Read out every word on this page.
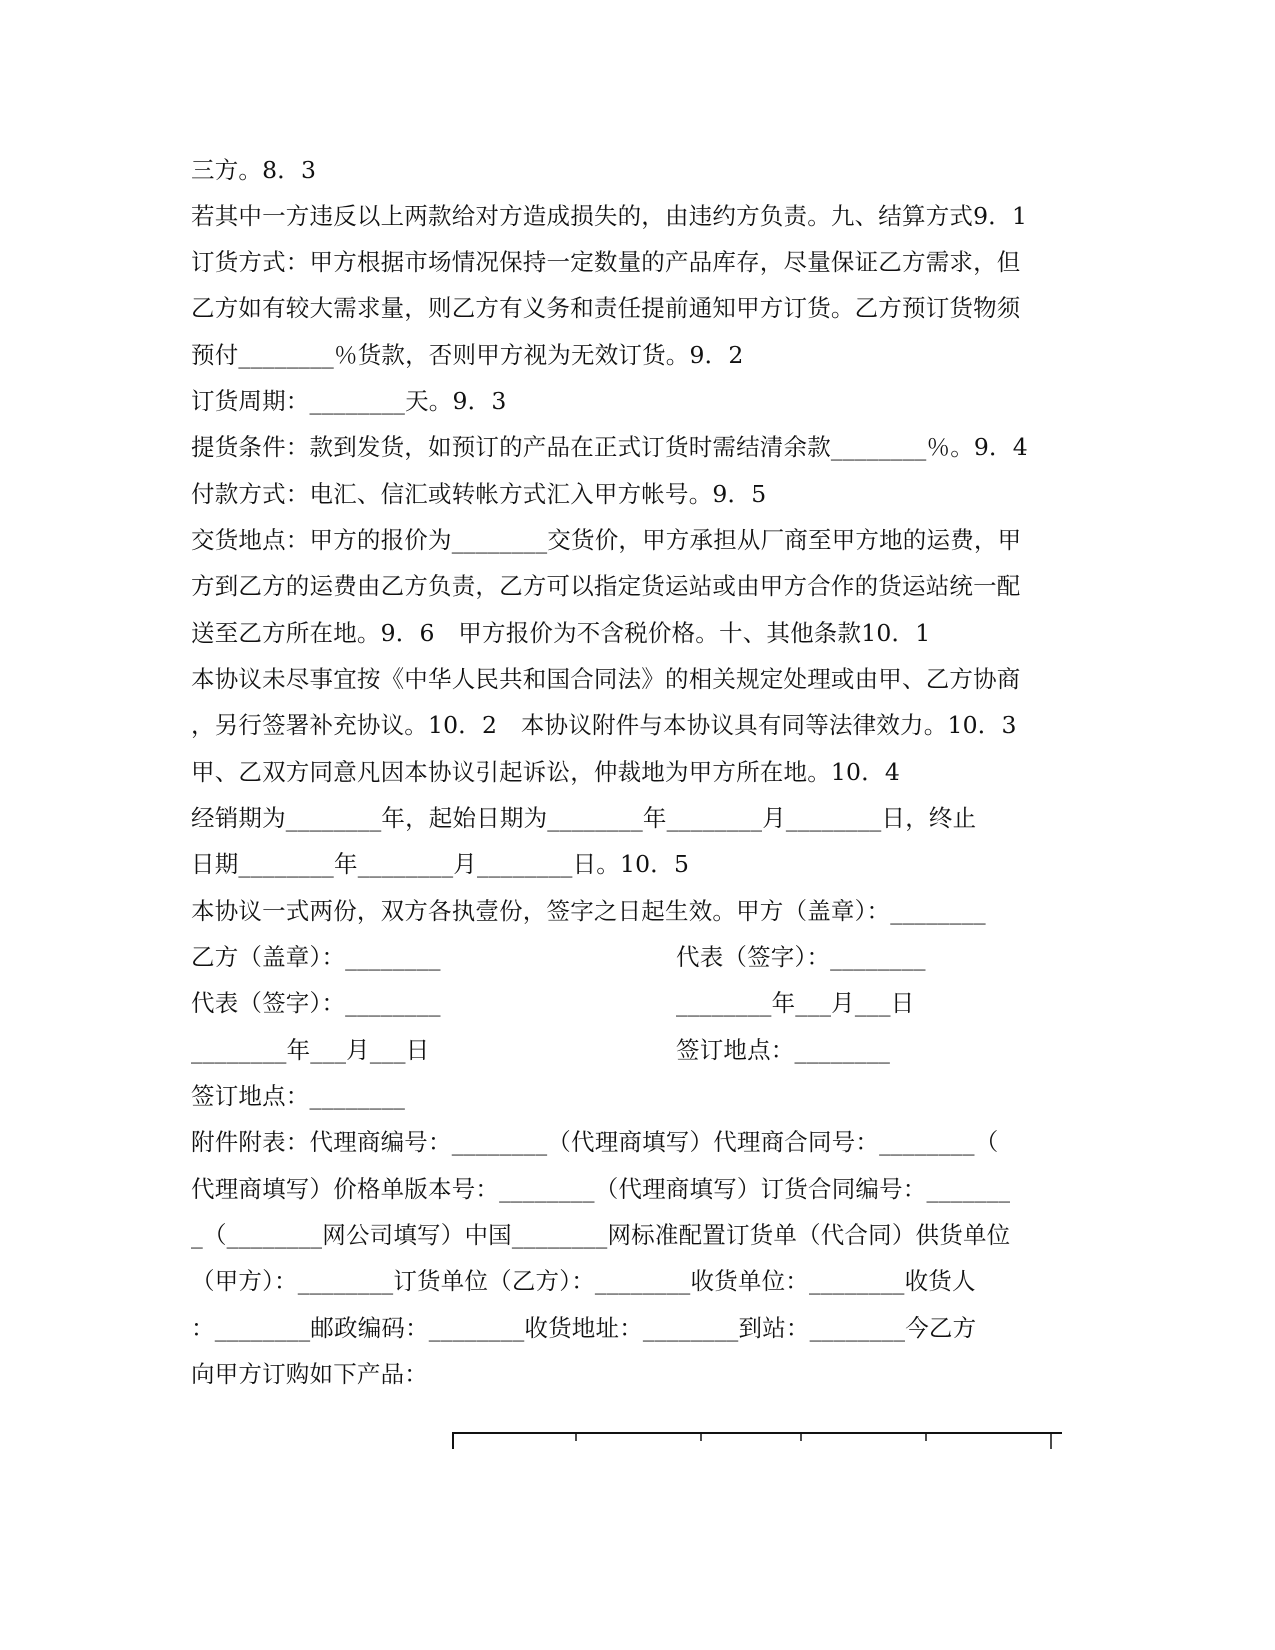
三方。8．3
若其中一方违反以上两款给对方造成损失的，由违约方负责。九、结算方式9．1
订货方式：甲方根据市场情况保持一定数量的产品库存，尽量保证乙方需求，但
乙方如有较大需求量，则乙方有义务和责任提前通知甲方订货。乙方预订货物须
预付________％货款，否则甲方视为无效订货。9．2
订货周期：________天。9．3
提货条件：款到发货，如预订的产品在正式订货时需结清余款________％。9．4
付款方式：电汇、信汇或转帐方式汇入甲方帐号。9．5
交货地点：甲方的报价为________交货价，甲方承担从厂商至甲方地的运费，甲
方到乙方的运费由乙方负责，乙方可以指定货运站或由甲方合作的货运站统一配
送至乙方所在地。9．6　甲方报价为不含税价格。十、其他条款10．1
本协议未尽事宜按《中华人民共和国合同法》的相关规定处理或由甲、乙方协商
，另行签署补充协议。10．2　本协议附件与本协议具有同等法律效力。10．3
甲、乙双方同意凡因本协议引起诉讼，仲裁地为甲方所在地。10．4
经销期为________年，起始日期为________年________月________日，终止
日期________年________月________日。10．5
本协议一式两份，双方各执壹份，签字之日起生效。甲方（盖章）：________
乙方（盖章）：________	代表（签字）：________
代表（签字）：________	________年___月___日
________年___月___日	签订地点：________
签订地点：________
附件附表：代理商编号：________（代理商填写）代理商合同号：________（
代理商填写）价格单版本号：________（代理商填写）订货合同编号：_______
_（________网公司填写）中国________网标准配置订货单（代合同）供货单位
（甲方）：________订货单位（乙方）：________收货单位：________收货人
：________邮政编码：________收货地址：________到站：________今乙方
向甲方订购如下产品：
